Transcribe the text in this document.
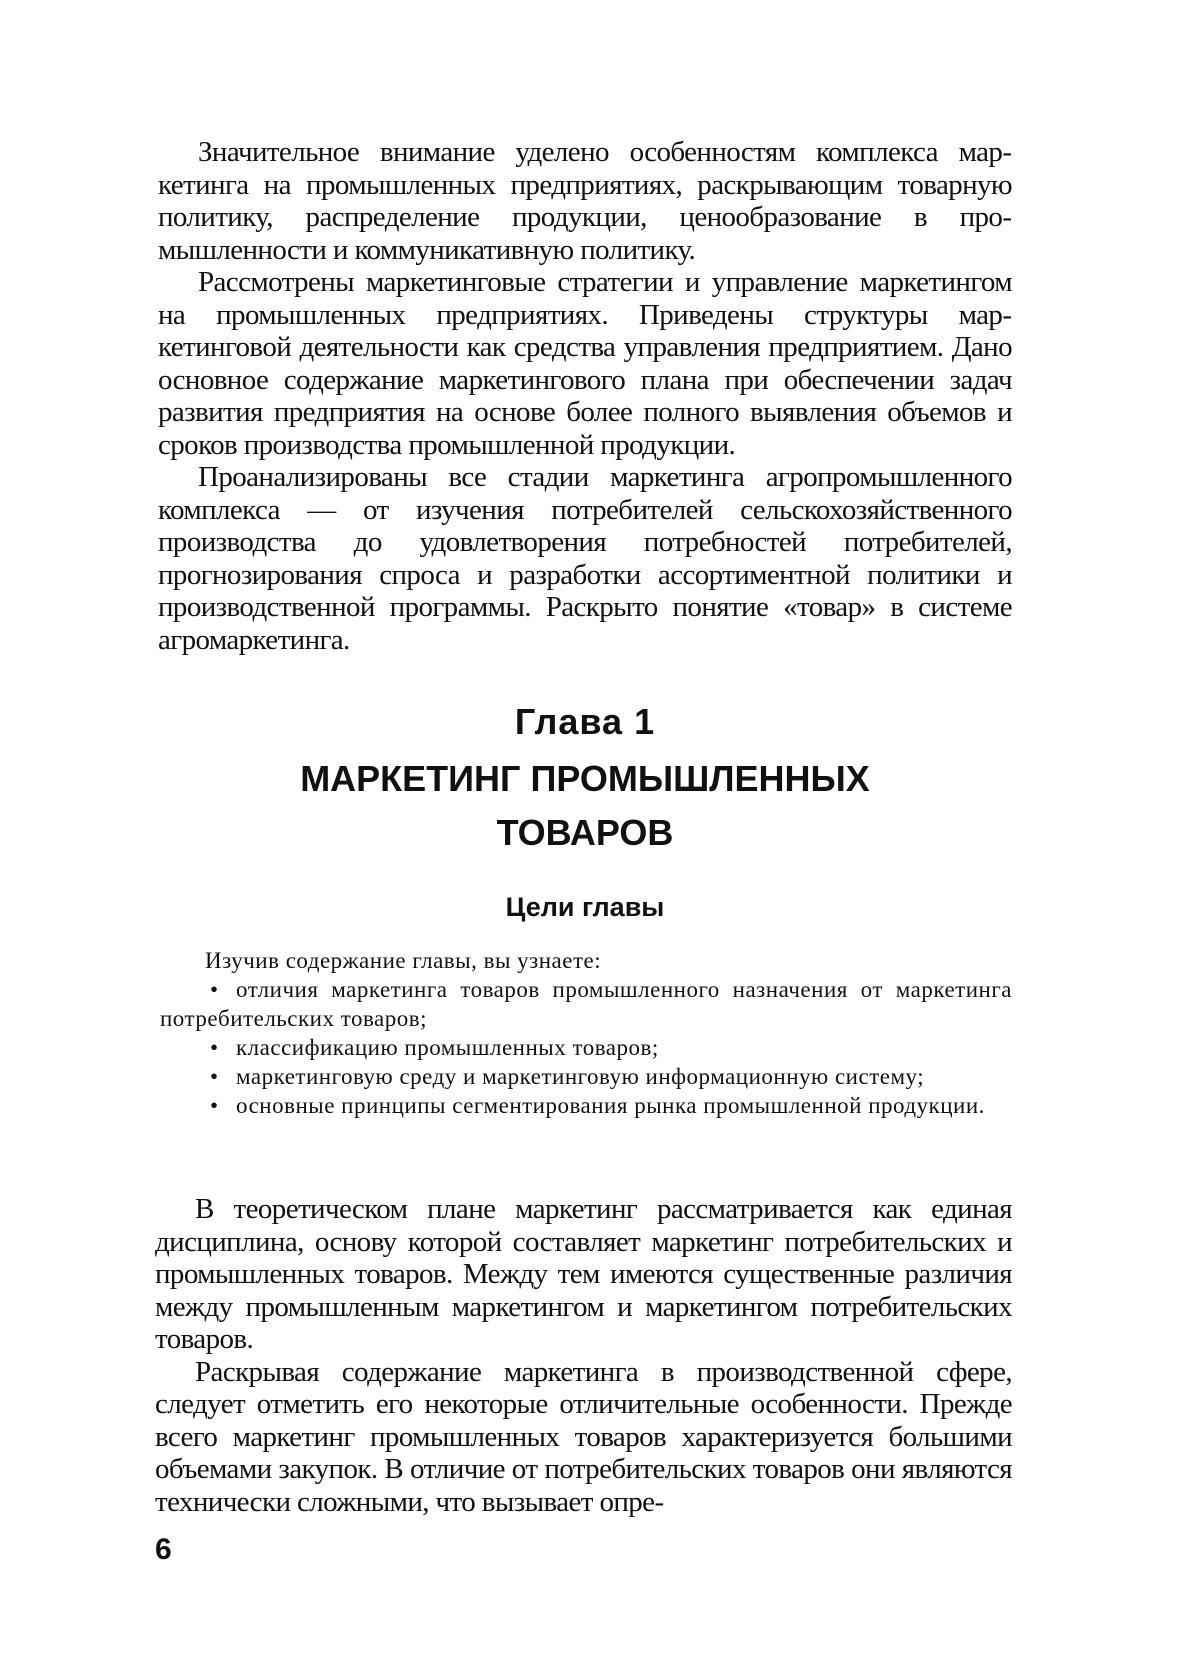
Значительное внимание уделено особенностям комплекса маркетинга на промышленных предприятиях, раскрывающим товарную политику, распределение продукции, ценообразование в промышленности и коммуникативную политику.

Рассмотрены маркетинговые стратегии и управление маркетингом на промышленных предприятиях. Приведены структуры маркетинговой деятельности как средства управления предприятием. Дано основное содержание маркетингового плана при обеспечении задач развития предприятия на основе более полного выявления объемов и сроков производства промышленной продукции.

Проанализированы все стадии маркетинга агропромышленного комплекса — от изучения потребителей сельскохозяйственного производства до удовлетворения потребностей потребителей, прогнозирования спроса и разработки ассортиментной политики и производственной программы. Раскрыто понятие «товар» в системе агромаркетинга.

Глава 1
МАРКЕТИНГ ПРОМЫШЛЕННЫХ
ТОВАРОВ
Цели главы

Изучив содержание главы, вы узнаете:

• отличия маркетинга товаров промышленного назначения от маркетинга потребительских товаров;
• классификацию промышленных товаров;
• маркетинговую среду и маркетинговую информационную систему;
• основные принципы сегментирования рынка промышленной продукции.

В теоретическом плане маркетинг рассматривается как единая дисциплина, основу которой составляет маркетинг потребительских и промышленных товаров. Между тем имеются существенные различия между промышленным маркетингом и маркетингом потребительских товаров.

Раскрывая содержание маркетинга в производственной сфере, следует отметить его некоторые отличительные особенности. Прежде всего маркетинг промышленных товаров характеризуется большими объемами закупок. В отличие от потребительских товаров они являются технически сложными, что вызывает опре-

6
